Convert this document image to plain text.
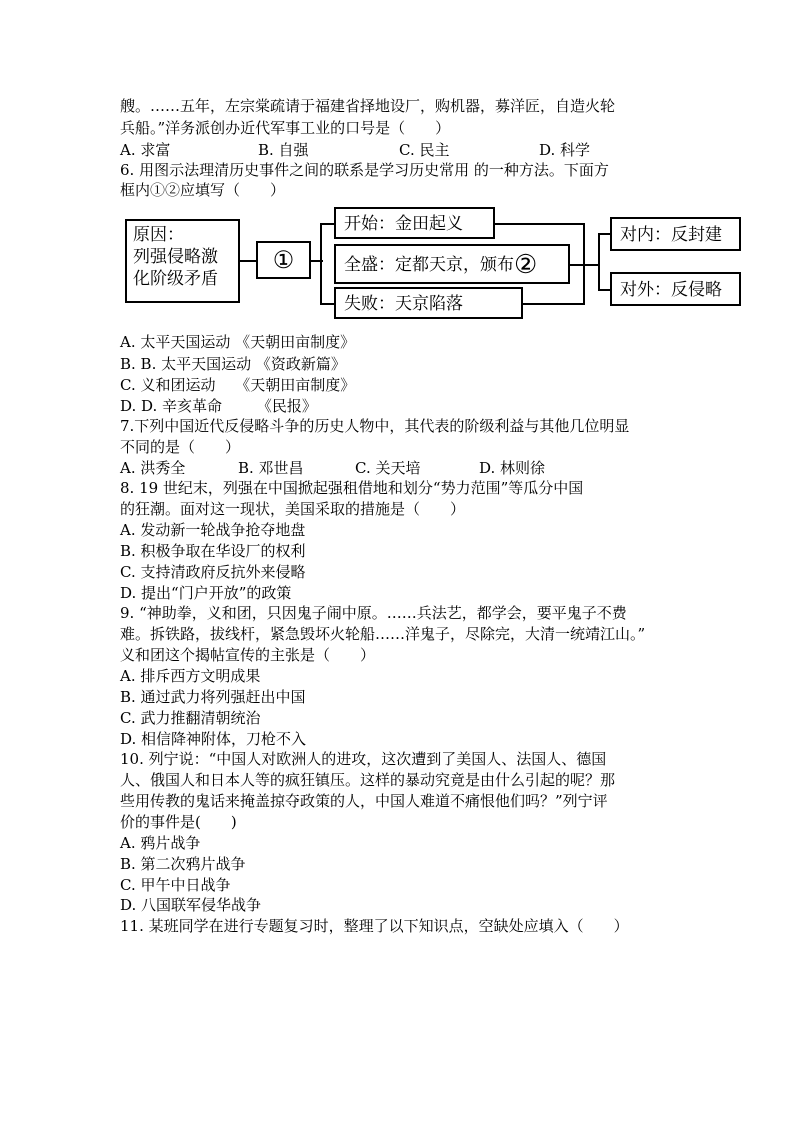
艘。……五年，左宗棠疏请于福建省择地设厂，购机器，募洋匠，自造火轮
兵船。”洋务派创办近代军事工业的口号是（　　）
A. 求富	B. 自强	C. 民主	D. 科学
6. 用图示法理清历史事件之间的联系是学习历史常用 的一种方法。下面方
框内①②应填写（　　）
原因：
列强侵略激
化阶级矛盾
①
开始：金田起义
全盛：定都天京，颁布②
失败：天京陷落
对内：反封建
对外：反侵略
A. 太平天国运动 《天朝田亩制度》
B. B. 太平天国运动 《资政新篇》
C. 义和团运动　 《天朝田亩制度》
D. D. 辛亥革命　　 《民报》
7.下列中国近代反侵略斗争的历史人物中，其代表的阶级利益与其他几位明显
不同的是（　　）
A. 洪秀全	B. 邓世昌	C. 关天培	D. 林则徐
8. 19 世纪末，列强在中国掀起强租借地和划分“势力范围”等瓜分中国
的狂潮。面对这一现状，美国采取的措施是（　　）
A. 发动新一轮战争抢夺地盘
B. 积极争取在华设厂的权利
C. 支持清政府反抗外来侵略
D. 提出“门户开放”的政策
9. “神助拳，义和团，只因鬼子闹中原。……兵法艺，都学会，要平鬼子不费
难。拆铁路，拔线杆，紧急毁坏火轮船……洋鬼子，尽除完，大清一统靖江山。”
义和团这个揭帖宣传的主张是（　　）
A. 排斥西方文明成果
B. 通过武力将列强赶出中国
C. 武力推翻清朝统治
D. 相信降神附体，刀枪不入
10. 列宁说：“中国人对欧洲人的进攻，这次遭到了美国人、法国人、德国
人、俄国人和日本人等的疯狂镇压。这样的暴动究竟是由什么引起的呢？那
些用传教的鬼话来掩盖掠夺政策的人，中国人难道不痛恨他们吗？”列宁评
价的事件是(　　)
A. 鸦片战争
B. 第二次鸦片战争
C. 甲午中日战争
D. 八国联军侵华战争
11. 某班同学在进行专题复习时，整理了以下知识点，空缺处应填入（　　）
